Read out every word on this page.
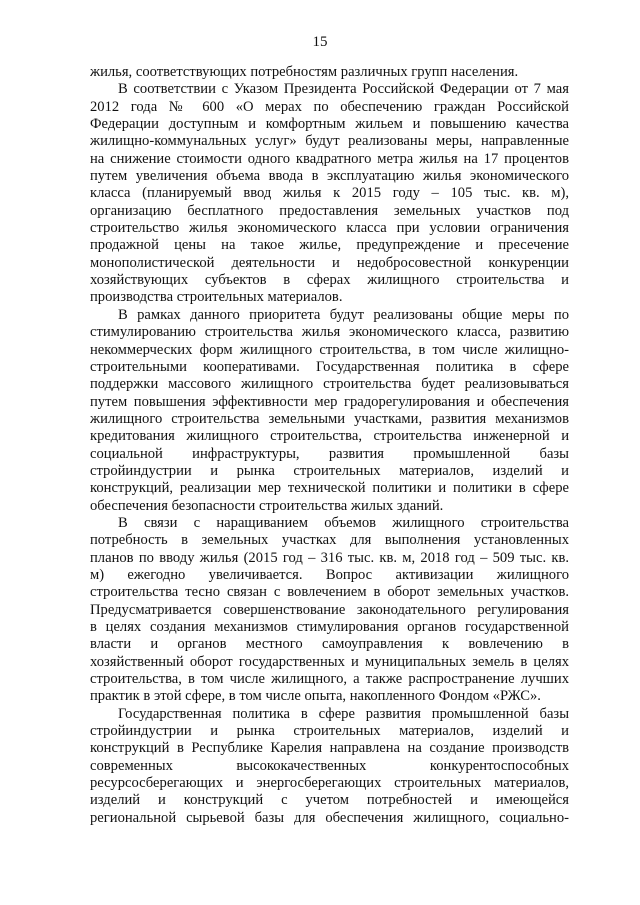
15
жилья, соответствующих потребностям различных групп населения.
В соответствии с Указом Президента Российской Федерации от 7 мая
2012 года № 600 «О мерах по обеспечению граждан Российской
Федерации доступным и комфортным жильем и повышению качества
жилищно-коммунальных услуг» будут реализованы меры, направленные
на снижение стоимости одного квадратного метра жилья на 17 процентов
путем увеличения объема ввода в эксплуатацию жилья экономического
класса (планируемый ввод жилья к 2015 году – 105 тыс. кв. м),
организацию бесплатного предоставления земельных участков под
строительство жилья экономического класса при условии ограничения
продажной цены на такое жилье, предупреждение и пресечение
монополистической деятельности и недобросовестной конкуренции
хозяйствующих субъектов в сферах жилищного строительства и
производства строительных материалов.
В рамках данного приоритета будут реализованы общие меры по
стимулированию строительства жилья экономического класса, развитию
некоммерческих форм жилищного строительства, в том числе жилищно-
строительными кооперативами. Государственная политика в сфере
поддержки массового жилищного строительства будет реализовываться
путем повышения эффективности мер градорегулирования и обеспечения
жилищного строительства земельными участками, развития механизмов
кредитования жилищного строительства, строительства инженерной и
социальной инфраструктуры, развития промышленной базы
стройиндустрии и рынка строительных материалов, изделий и
конструкций, реализации мер технической политики и политики в сфере
обеспечения безопасности строительства жилых зданий.
В связи с наращиванием объемов жилищного строительства
потребность в земельных участках для выполнения установленных
планов по вводу жилья (2015 год – 316 тыс. кв. м, 2018 год – 509 тыс. кв.
м) ежегодно увеличивается. Вопрос активизации жилищного
строительства тесно связан с вовлечением в оборот земельных участков.
Предусматривается совершенствование законодательного регулирования
в целях создания механизмов стимулирования органов государственной
власти и органов местного самоуправления к вовлечению в
хозяйственный оборот государственных и муниципальных земель в целях
строительства, в том числе жилищного, а также распространение лучших
практик в этой сфере, в том числе опыта, накопленного Фондом «РЖС».
Государственная политика в сфере развития промышленной базы
стройиндустрии и рынка строительных материалов, изделий и
конструкций в Республике Карелия направлена на создание производств
современных высококачественных конкурентоспособных
ресурсосберегающих и энергосберегающих строительных материалов,
изделий и конструкций с учетом потребностей и имеющейся
региональной сырьевой базы для обеспечения жилищного, социально-
